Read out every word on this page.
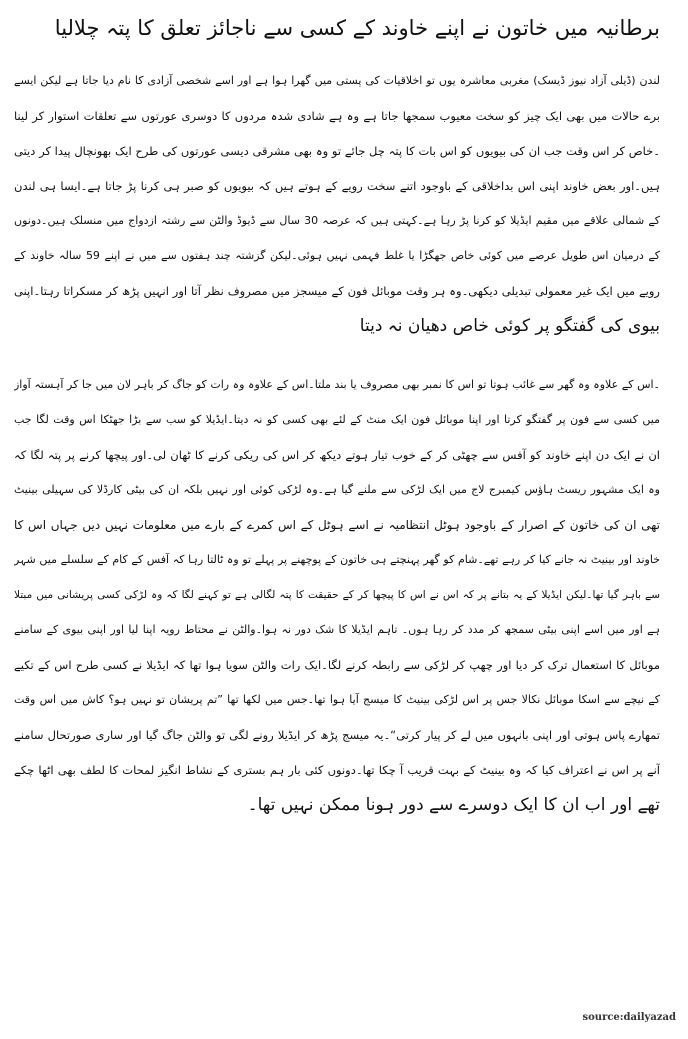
برطانیہ میں خاتون نے اپنے خاوند کے کسی سے ناجائز تعلق کا پتہ چلالیا
لندن (ڈیلی آزاد نیوز ڈیسک) مغربی معاشرہ یوں تو اخلاقیات کی پستی میں گھرا ہوا ہے اور اسے شخصی آزادی کا نام دیا جاتا ہے لیکن ایسے
برے حالات میں بھی ایک چیز کو سخت معیوب سمجھا جاتا ہے وہ ہے شادی شدہ مردوں کا دوسری عورتوں سے تعلقات استوار کر لینا
۔خاص کر اس وقت جب ان کی بیویوں کو اس بات کا پتہ چل جائے تو وہ بھی مشرقی دیسی عورتوں کی طرح ایک بھونچال پیدا کر دیتی
ہیں۔اور بعض خاوند اپنی اس بداخلاقی کے باوجود اتنے سخت رویے کے ہوتے ہیں کہ بیویوں کو صبر ہی کرنا پڑ جاتا ہے۔ایسا ہی لندن
کے شمالی علاقے میں مقیم ایڈیلا کو کرنا پڑ رہا ہے۔کہتی ہیں کہ عرصہ 30 سال سے ڈیوڈ والٹن سے رشتہ ازدواج میں منسلک ہیں۔دونوں
کے درمیان اس طویل عرصے میں کوئی خاص جھگڑا یا غلط فہمی نہیں ہوئی۔لیکن گزشتہ چند ہفتوں سے میں نے اپنے 59 سالہ خاوند کے
رویے میں ایک غیر معمولی تبدیلی دیکھی۔وہ ہر وقت موبائل فون کے میسجز میں مصروف نظر آتا اور انہیں پڑھ کر مسکراتا رہتا۔اپنی
بیوی کی گفتگو پر کوئی خاص دھیان نہ دیتا
۔اس کے علاوہ وہ گھر سے غائب ہوتا تو اس کا نمبر بھی مصروف یا بند ملتا۔اس کے علاوہ وہ رات کو جاگ کر باہر لان میں جا کر آہستہ آواز
میں کسی سے فون پر گفتگو کرتا اور اپنا موبائل فون ایک منٹ کے لئے بھی کسی کو نہ دیتا۔ایڈیلا کو سب سے بڑا جھٹکا اس وقت لگا جب
ان نے ایک دن اپنے خاوند کو آفس سے چھٹی کر کے خوب تیار ہوتے دیکھ کر اس کی ریکی کرنے کا ٹھان لی۔اور پیچھا کرنے پر پتہ لگا کہ
وہ ایک مشہور ریسٹ ہاؤس کیمبرج لاج میں ایک لڑکی سے ملنے گیا ہے۔وہ لڑکی کوئی اور نہیں بلکہ ان کی بیٹی کارڈلا کی سہیلی بینیٹ
تھی ان کی خاتون کے اصرار کے باوجود ہوٹل انتظامیہ نے اسے ہوٹل کے اس کمرے کے بارے میں معلومات نہیں دیں جہاں اس کا
خاوند اور بینیٹ نہ جانے کیا کر رہے تھے۔شام کو گھر پہنچتے ہی خاتون کے پوچھنے پر پہلے تو وہ ٹالتا رہا کہ آفس کے کام کے سلسلے میں شہر
سے باہر گیا تھا۔لیکن ایڈیلا کے یہ بتانے پر کہ اس نے اس کا پیچھا کر کے حقیقت کا پتہ لگالی ہے تو کہنے لگا کہ وہ لڑکی کسی پریشانی میں مبتلا
ہے اور میں اسے اپنی بیٹی سمجھ کر مدد کر رہا ہوں۔ تاہم ایڈیلا کا شک دور نہ ہوا۔والٹن نے محتاط رویہ اپنا لیا اور اپنی بیوی کے سامنے
موبائل کا استعمال ترک کر دیا اور چھپ کر لڑکی سے رابطہ کرنے لگا۔ایک رات والٹن سویا ہوا تھا کہ ایڈیلا نے کسی طرح اس کے تکیے
کے نیچے سے اسکا موبائل نکالا جس پر اس لڑکی بینیٹ کا میسج آیا ہوا تھا۔جس میں لکھا تھا ”تم پریشان تو نہیں ہو؟ کاش میں اس وقت
تمھارے پاس ہوتی اور اپنی بانہوں میں لے کر پیار کرتی“۔یہ میسج پڑھ کر ایڈیلا رونے لگی تو والٹن جاگ گیا اور ساری صورتحال سامنے
آنے پر اس نے اعتراف کیا کہ وہ بینیٹ کے بہت قریب آ چکا تھا۔دونوں کئی بار ہم بستری کے نشاط انگیز لمحات کا لطف بھی اٹھا چکے
تھے اور اب ان کا ایک دوسرے سے دور ہونا ممکن نہیں تھا۔
source:dailyazad
